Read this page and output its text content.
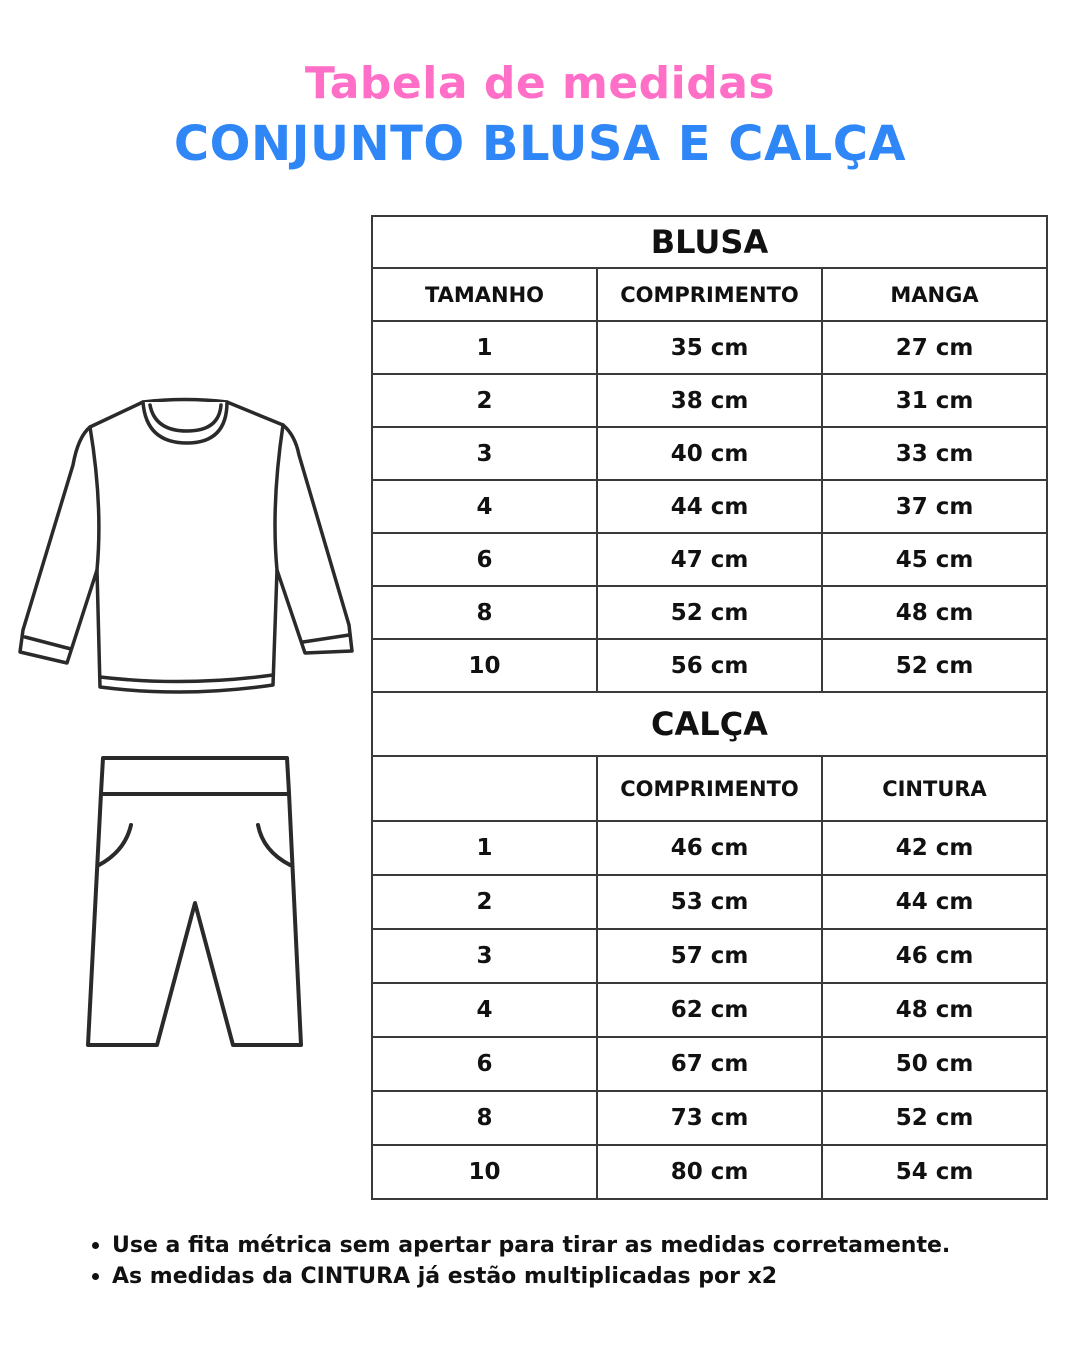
Tabela de medidas
CONJUNTO BLUSA E CALÇA
BLUSA		
TAMANHO	COMPRIMENTO	MANGA
1	35 cm	27 cm
2	38 cm	31 cm
3	40 cm	33 cm
4	44 cm	37 cm
6	47 cm	45 cm
8	52 cm	48 cm
10	56 cm	52 cm
CALÇA		
	COMPRIMENTO	CINTURA
1	46 cm	42 cm
2	53 cm	44 cm
3	57 cm	46 cm
4	62 cm	48 cm
6	67 cm	50 cm
8	73 cm	52 cm
10	80 cm	54 cm
Use a fita métrica sem apertar para tirar as medidas corretamente.
As medidas da CINTURA já estão multiplicadas por x2
